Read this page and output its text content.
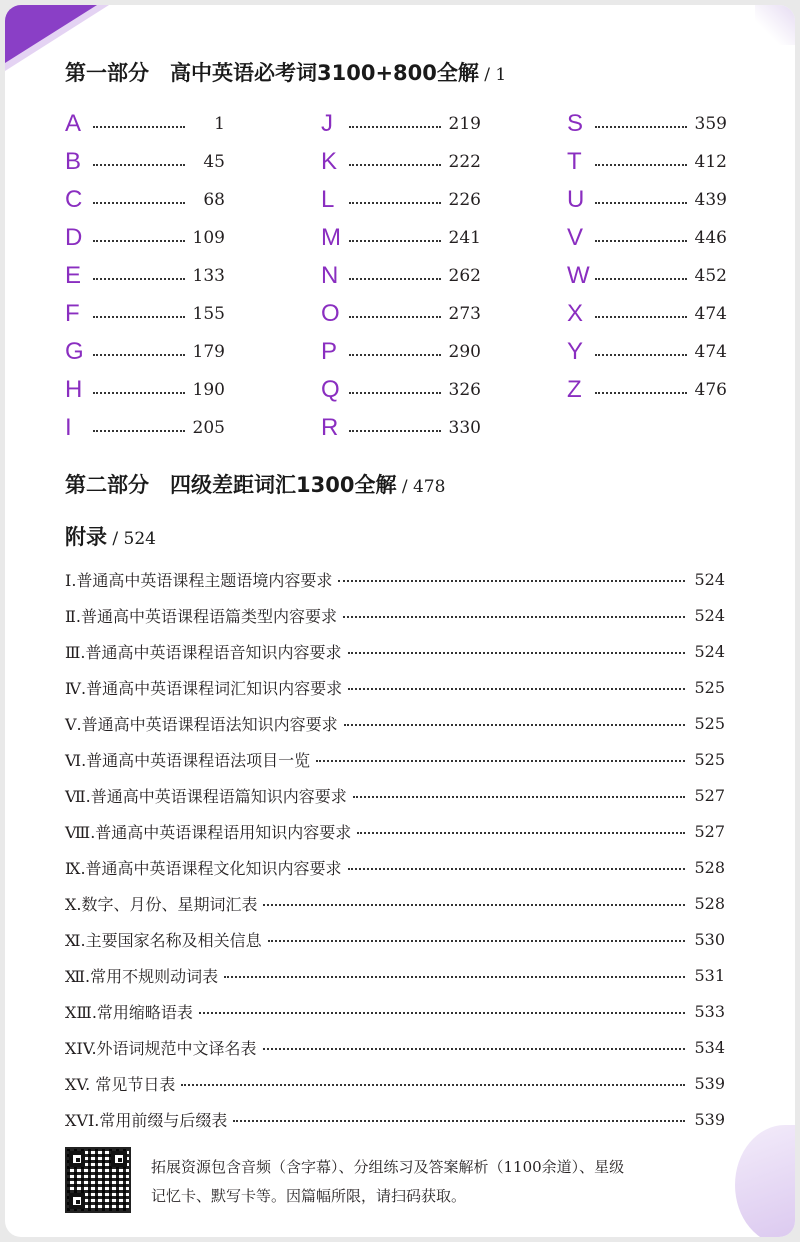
第一部分　高中英语必考词3100+800全解 / 1
A	1
B	45
C	68
D	109
E	133
F	155
G	179
H	190
I	205
J	219
K	222
L	226
M	241
N	262
O	273
P	290
Q	326
R	330
S	359
T	412
U	439
V	446
W	452
X	474
Y	474
Z	476
第二部分　四级差距词汇1300全解 / 478
附录 / 524
Ⅰ.普通高中英语课程主题语境内容要求	524
Ⅱ.普通高中英语课程语篇类型内容要求	524
Ⅲ.普通高中英语课程语音知识内容要求	524
Ⅳ.普通高中英语课程词汇知识内容要求	525
Ⅴ.普通高中英语课程语法知识内容要求	525
Ⅵ.普通高中英语课程语法项目一览	525
Ⅶ.普通高中英语课程语篇知识内容要求	527
Ⅷ.普通高中英语课程语用知识内容要求	527
Ⅸ.普通高中英语课程文化知识内容要求	528
Ⅹ.数字、月份、星期词汇表	528
Ⅺ.主要国家名称及相关信息	530
Ⅻ.常用不规则动词表	531
ⅩⅢ.常用缩略语表	533
XIV.外语词规范中文译名表	534
XV. 常见节日表	539
XVI.常用前缀与后缀表	539
拓展资源包含音频（含字幕）、分组练习及答案解析（1100余道）、星级记忆卡、默写卡等。因篇幅所限，请扫码获取。
